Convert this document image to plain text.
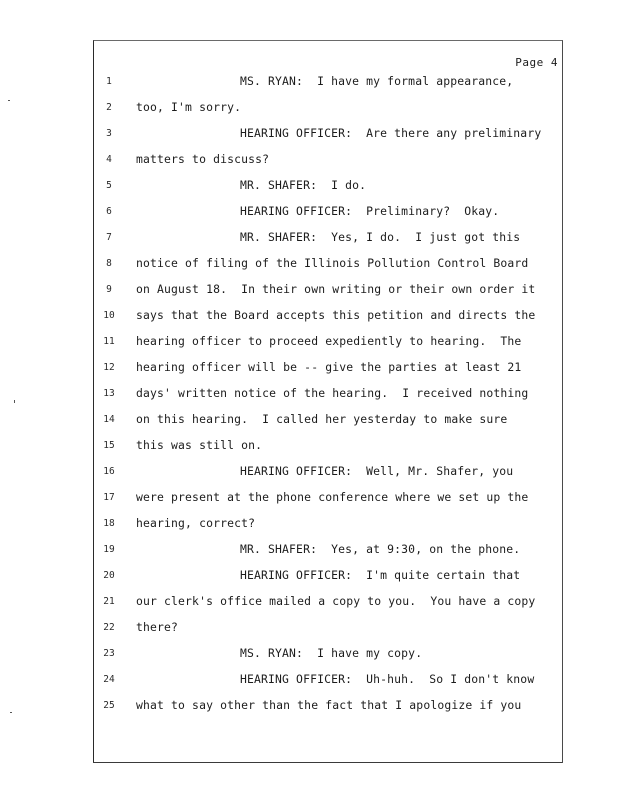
Page 4
1	MS. RYAN:  I have my formal appearance,
2	too, I'm sorry.
3	HEARING OFFICER:  Are there any preliminary
4	matters to discuss?
5	MR. SHAFER:  I do.
6	HEARING OFFICER:  Preliminary?  Okay.
7	MR. SHAFER:  Yes, I do.  I just got this
8	notice of filing of the Illinois Pollution Control Board
9	on August 18.  In their own writing or their own order it
10	says that the Board accepts this petition and directs the
11	hearing officer to proceed expediently to hearing.  The
12	hearing officer will be -- give the parties at least 21
13	days' written notice of the hearing.  I received nothing
14	on this hearing.  I called her yesterday to make sure
15	this was still on.
16	HEARING OFFICER:  Well, Mr. Shafer, you
17	were present at the phone conference where we set up the
18	hearing, correct?
19	MR. SHAFER:  Yes, at 9:30, on the phone.
20	HEARING OFFICER:  I'm quite certain that
21	our clerk's office mailed a copy to you.  You have a copy
22	there?
23	MS. RYAN:  I have my copy.
24	HEARING OFFICER:  Uh-huh.  So I don't know
25	what to say other than the fact that I apologize if you
